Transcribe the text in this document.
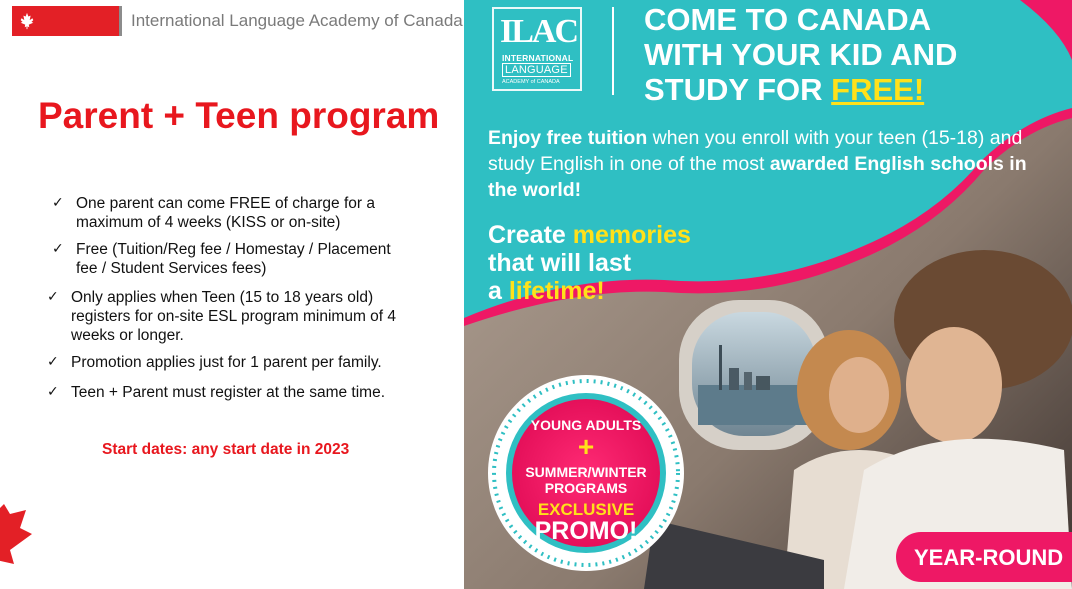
International Language Academy of Canada
Parent + Teen program
✓ One parent can come FREE of charge for a
maximum of 4 weeks (KISS or on-site)
✓ Free (Tuition/Reg fee / Homestay / Placement
fee / Student Services fees)
✓ Only applies when Teen (15 to 18 years old)
registers for on-site ESL program minimum of 4
weeks or longer.
✓ Promotion applies just for 1 parent per family.
✓ Teen + Parent must register at the same time.
Start dates: any start date in 2023
ILAC
INTERNATIONAL
LANGUAGE
ACADEMY of CANADA
COME TO CANADA
WITH YOUR KID AND
STUDY FOR FREE!
Enjoy free tuition when you enroll with your teen (15-18) and study English in one of the most awarded English schools in the world!
Create memories
that will last
a lifetime!
YOUNG ADULTS
+
SUMMER/WINTER
PROGRAMS
EXCLUSIVE
PROMO!
YEAR-ROUND
